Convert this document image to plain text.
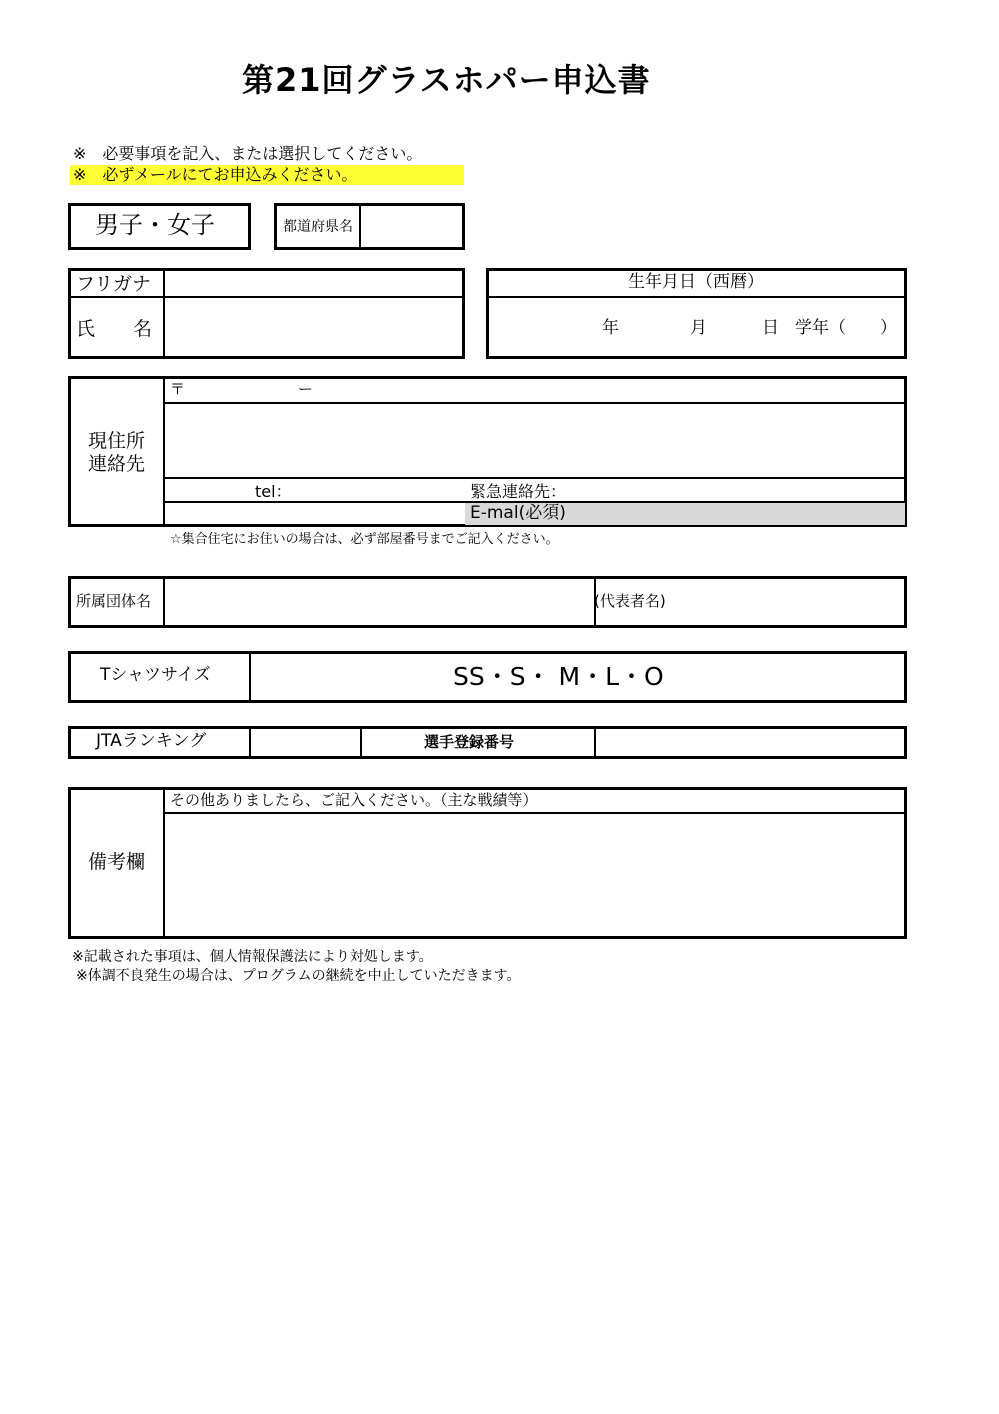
第21回グラスホパー申込書
※　必要事項を記入、または選択してください。
※　必ずメールにてお申込みください。
男子・女子	都道府県名
フリガナ
氏　　名
生年月日（西暦）
年	月	日 学年（　　）
現住所
連絡先
〒	ー
tel：	緊急連絡先：
E-mal(必須)
☆集合住宅にお住いの場合は、必ず部屋番号までご記入ください。
所属団体名	(代表者名)
Tシャツサイズ	SS・S・ M・L・O
JTAランキング	選手登録番号
備考欄
その他ありましたら、ご記入ください。（主な戦績等）
※記載された事項は、個人情報保護法により対処します。
※体調不良発生の場合は、プログラムの継続を中止していただきます。
